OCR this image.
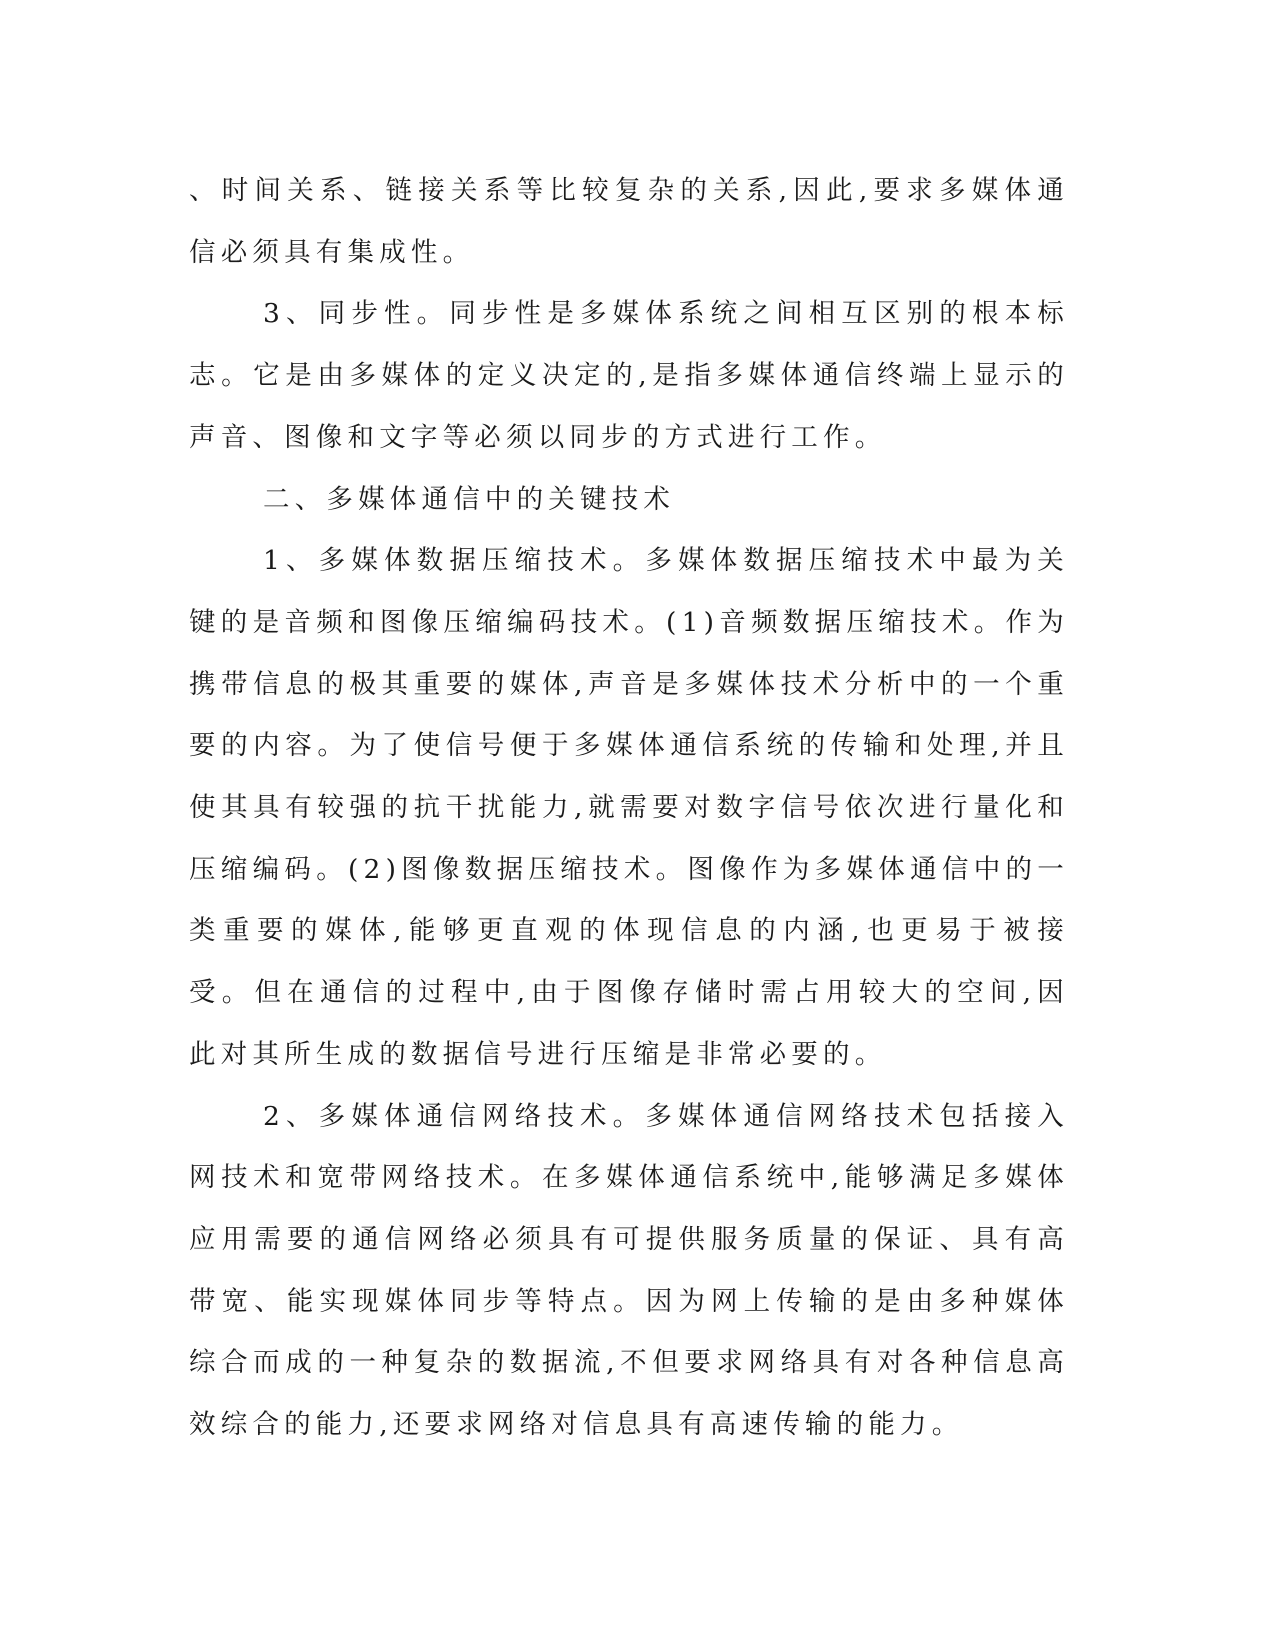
、时间关系、链接关系等比较复杂的关系,因此,要求多媒体通信必须具有集成性。

3、同步性。同步性是多媒体系统之间相互区别的根本标志。它是由多媒体的定义决定的,是指多媒体通信终端上显示的声音、图像和文字等必须以同步的方式进行工作。

二、多媒体通信中的关键技术

1、多媒体数据压缩技术。多媒体数据压缩技术中最为关键的是音频和图像压缩编码技术。(1)音频数据压缩技术。作为携带信息的极其重要的媒体,声音是多媒体技术分析中的一个重要的内容。为了使信号便于多媒体通信系统的传输和处理,并且使其具有较强的抗干扰能力,就需要对数字信号依次进行量化和压缩编码。(2)图像数据压缩技术。图像作为多媒体通信中的一类重要的媒体,能够更直观的体现信息的内涵,也更易于被接受。但在通信的过程中,由于图像存储时需占用较大的空间,因此对其所生成的数据信号进行压缩是非常必要的。

2、多媒体通信网络技术。多媒体通信网络技术包括接入网技术和宽带网络技术。在多媒体通信系统中,能够满足多媒体应用需要的通信网络必须具有可提供服务质量的保证、具有高带宽、能实现媒体同步等特点。因为网上传输的是由多种媒体综合而成的一种复杂的数据流,不但要求网络具有对各种信息高效综合的能力,还要求网络对信息具有高速传输的能力。
